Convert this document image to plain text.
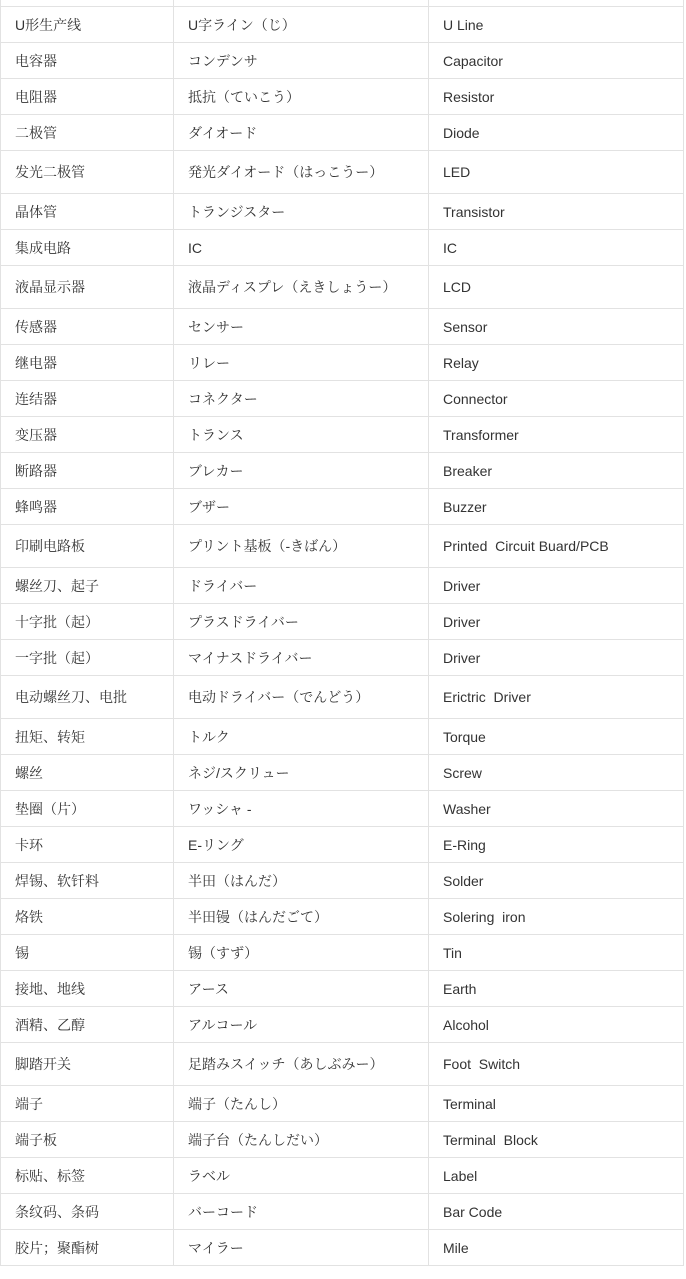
U形生产线	U字ライン（じ）	U Line
电容器	コンデンサ	Capacitor
电阻器	抵抗（ていこう）	Resistor
二极管	ダイオード	Diode
发光二极管	発光ダイオード（はっこうー）	LED
晶体管	トランジスター	Transistor
集成电路	IC	IC
液晶显示器	液晶ディスプレ（えきしょうー）	LCD
传感器	センサー	Sensor
继电器	リレー	Relay
连结器	コネクター	Connector
变压器	トランス	Transformer
断路器	ブレカー	Breaker
蜂鸣器	ブザー	Buzzer
印刷电路板	プリント基板（‐きばん）	Printed  Circuit Buard/PCB
螺丝刀、起子	ドライバー	Driver
十字批（起）	プラスドライバー	Driver
一字批（起）	マイナスドライバー	Driver
电动螺丝刀、电批	电动ドライバー（でんどう）	Erictric  Driver
扭矩、转矩	トルク	Torque
螺丝	ネジ/スクリュー	Screw
垫圈（片）	ワッシャ -	Washer
卡环	E-リング	E-Ring
焊锡、软钎料	半田（はんだ）	Solder
烙铁	半田镘（はんだごて）	Solering  iron
锡	锡（すず）	Tin
接地、地线	アース	Earth
酒精、乙醇	アルコール	Alcohol
脚踏开关	足踏みスイッチ（あしぶみー）	Foot  Switch
端子	端子（たんし）	Terminal
端子板	端子台（たんしだい）	Terminal  Block
标贴、标签	ラベル	Label
条纹码、条码	バーコード	Bar Code
胶片；聚酯树	マイラー	Mile
